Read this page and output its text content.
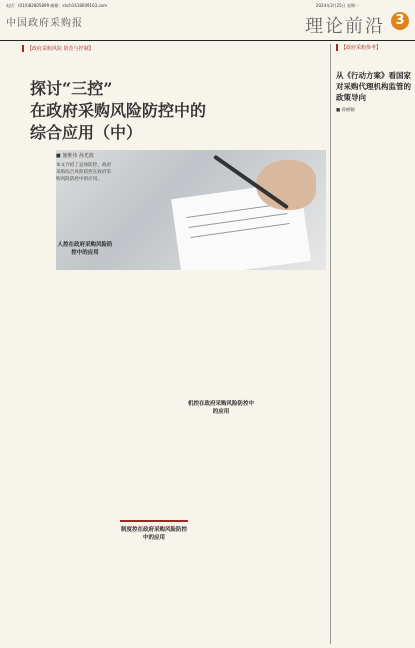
电话：(010)82805899 邮箱：shch1418009163.com	2024年3月25日 星期一
中国政府采购报	理论前沿 3
【政府采购风险 防范与控制】
探讨“三控”
在政府采购风险防控中的
综合应用（中）
■ 施维伟 孙光波
本文介绍了总体防控、政府采购综合风险防控在政府采购风险防控中的应用。
人控在政府采购风险防控中的应用
机控在政府采购风险防控中的应用
制度控在政府采购风险防控中的应用
【政府采购参考】
从《行动方案》看国家对采购代理机构监管的政策导向
■ 孙丽颖
